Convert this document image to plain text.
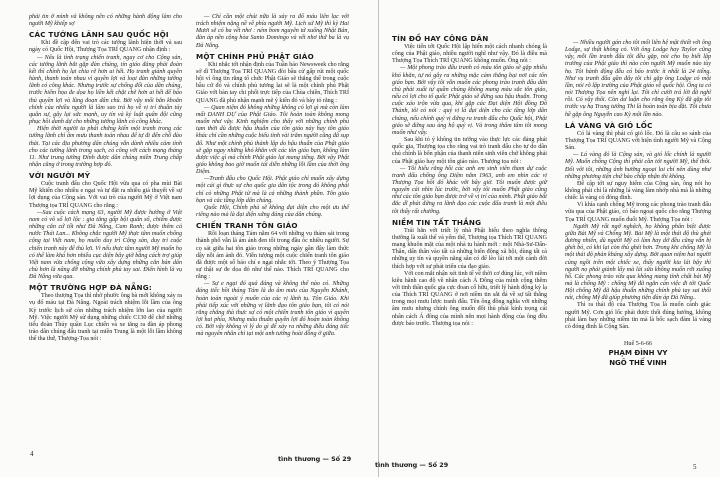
phải tin ở mình và không nên có những hành động làm cho người Mỹ khiếp sợ

CÁC TƯỚNG LÃNH SAU QUỐC HỘI

Khi đề cập đến vai trò các tướng lãnh hiện thời và sau ngày có Quốc Hội, Thượng Tọa TRÍ QUANG nhận định :

— Nếu là tình trạng chiến tranh, nguy cơ cho Cộng sản, các tướng lãnh bắt gặp đàn chúng, tín giáo đảng phải đoàn kết thì chính họ lại chia rẽ hơn ai hết. Họ tranh giành quyền hành, thanh toán nhau vì quyền lợi và loại đàn những tướng lãnh có công khác. Nhưng trước sự chống đối của dân chúng, trước hiểm họa đe dọa họ liền kết chặt chẽ hơn ai hết để bảo thủ quyền lợi và lũng đoạn dân chủ. Bởi vậy mối băn khoăn chính của nhiều người là làm sao trả họ về vị trí thuần túy quân sự, gây lại sức mạnh, uy tín và kỷ luật quân đội cũng phục hồi danh dự cho những tướng lãnh có công khác.

Hiện thời người ta phải chứng kiến một tranh trong các tướng lãnh chỉ âm mưu thanh toán nhau để tự đi đến chỗ đào thải. Tại các địa phương dân chúng vẫn dành nhiều cảm tình cho các tướng lãnh trong sạch, có công với cách mạng tháng 11. Như trung tướng Đính được dân chúng miền Trung chấp nhận cũng ở trong trường hợp đó.

VỚI NGƯỜI MỸ

Cuộc tranh đấu cho Quốc Hội vừa qua có pha mùi Bài Mỹ khiến cho nhiều e ngại và tự đặt ra nhiều giả thuyết về sự lợi dụng của Cộng sản. Với vai trò của người Mỹ ở Việt nam Thượng tọa TRÍ QUANG cho rằng :

—Sau cuộc cách mạng 63, người Mỹ được hưởng ở Việt nam có vô số lợi lộc : gia tăng gấp bội quân số, chiếm được những căn cứ tốt như Đà Nẵng, Cam Ranh; được thêm cả nước Thái Lan... Không chắc người Mỹ thực tâm muốn chống cộng tại Việt nam, họ muốn duy trì Cộng sản, duy trì cuộc chiến tranh này để thủ lợi. Vì nếu thực tâm người Mỹ muốn họ có thể làm khá hơn nhiều cục diện bây giờ bằng cách trợ giúp Việt nam vừa chống cộng vừa xây dựng những căn bản dân chủ hơn là nâng đỡ những chính phủ tay sai. Điển hình là vụ Đà Nẵng vừa qua.

MỘT TRƯỜNG HỢP ĐÀ NẴNG:

Theo thượng Tọa thì nhờ phước ông bà mới không xảy ra vụ đổ máu tại Đà Nẵng. Ngoài trách nhiệm lỗi lầm của ông Kỳ trước lịch sử còn những trách nhiệm lớn lao của người Mỹ. Việc người Mỹ sử dụng những chiếc C130 để chở những tiểu đoàn Thủy quân Lục chiến và xe tăng ra đàn áp phong trào dân chúng đấu tranh tại miền Trung là một lỗi lầm không thể tha thứ, Thượng-Tọa nói :

— Chỉ cần một chút nữa là xảy ra đổ máu liên lạc với trách nhiệm nặng nề về phía người Mỹ. Lịch sử Mỹ thì kỳ Hai Mươi sẽ có ba vết nhơ : ném bom nguyên tử xuống Nhật Bản, đàn áp nền cộng hòa Santo Domingo và vết nhơ thứ ba là vụ Đà Nẵng.

MỘT CHÍNH PHỦ PHẬT GIÁO

Khi nhắc tới nhận định của Tuần báo Newsweek cho rằng sở dĩ Thượng Tọa TRÍ QUANG đòi bầu cử gấp rút một quốc hội vì ông tin rằng tổ chức Phật Giáo sẽ thắng thế trong cuộc bầu cử đó và chính phủ tương lai sẽ là một chính phủ Phật Giáo với bàn tay chi phối trực tiếp của Chùa chiền, Thích TRÍ QUANG đã phủ nhận mạnh mẽ ý kiến đó và bày tỏ rằng :

— Quan niệm đó không những không có lợi gì mà còn làm mất DANH DỰ của Phật Giáo. Tôi hoàn toàn không mong muốn như vậy. Kinh nghiệm cho thấy với những chính phủ tạm thời dù được hậu thuẫn của tôn giáo này hay tôn giáo khác chỉ cần những cuộc biểu tình vài trăm người cũng đã sụp đổ. Như một chính phủ thành lập do hậu thuẫn của Phật giáo sẽ gặp ngay những khó khăn với các tôn giáo bạn, không làm được việc gì mà chính Phật giáo lại mang tiếng. Bởi vậy Phật giáo không bao giờ muốn tái diễn những lỗi lầm của thời ông Diệm.

—Tranh đấu cho Quốc Hội. Phật giáo chỉ muốn xây dựng một cái gì thực sự cho quốc gia dân tộc trong đó không phải chỉ có những Phật tử mà là cả những thành phần. Tôn giáo bạn và các tầng lớp dân chúng.

Quốc Hội, Chính phủ sẽ không đại diện cho một ưu thế riêng nào mà là đại diện xứng đáng của dân chúng.

CHIẾN TRANH TÔN GIÁO

Rồi loạn tháng Tám năm 64 với những vụ thảm sát trong thành phố vẫn là ám ảnh đen tối trong đầu óc nhiều người. Sự cọ sát giữa hai tôn giáo trong những ngày gần đây làm thức dậy nỗi ám ảnh đó. Viễn tượng một cuộc chiến tranh tôn giáo đã được một số báo chí e ngại nhắc tới. Theo ý Thượng Tọa sự thật sự đe dọa đó như thế nào. Thích TRÍ QUANG cho rằng :

— Sự e ngại đó quá đáng và không thể nào có. Những đáng tiếc hồi tháng Tám là do âm mưu của Nguyễn Khánh, hoàn toàn ngoài ý muốn của các vị lãnh tụ. Tôn Giáo. Khi phải tiếp xúc với những vị lãnh đạo tôn giáo bạn, tôi có nói rằng chẳng thà thực sự có một chiến tranh tôn giáo vì quyền lợi hai phía, Nhưng mâu thuẫn quyền lợi đó hoàn toàn không có. Bởi vậy không vì lý do gì để xảy ra những điều đáng tiếc mà nguyên nhân chỉ tại một anh tướng hoài đồng ở giữa.

4
tình thương — Số 29

TÍN ĐỒ HAY CÔNG DÂN

Việc tiến tới Quốc Hội lập hiến một cách nhanh chóng là công của Phật giáo, nhiều người nghĩ như vậy. Đó là điều mà Thượng Tọa Thích TRÍ QUANG không muốn. Ông nói :

— Một phong trào đấu tranh có màu tôn giáo sẽ gặp nhiều khó khăn, tự nó gây ra những mặc cảm thắng bại nơi các tôn giáo bạn. Bởi vậy tôi vẫn muốn các phong trào tranh đấu dân chủ phát xuất tự quần chúng không mang màu sắc tôn giáo, nếu có lợi cho tổ quốc Phật giáo sẽ đứng sau hậu thuẫn. Trong cuộc xáo trộn vừa qua, khi gặp các Đại diện Hội đồng Đô Thành, tôi có nói : quý vị là đại diện cho các tầng lớp dân chúng, nếu chính quý vị đứng ra tranh đấu cho Quốc hội, Phật giáo sẽ đứng sau ủng hộ quý vị. Và trong thâm tâm tôi mong muốn như vậy.

Sau khi tỏ ý không tin tưởng vào thực lực các đảng phái quốc gia, Thượng tọa cho rằng vai trò tranh đấu cho tự do dân chủ chính là bổn phận của thanh niên sinh viên chứ không phải của Phật giáo hay một tôn giáo nào. Thượng tọa nói :

— Tôi hiểu rằng hồi các anh em sinh viên tham dự cuộc tranh đấu chống ông Diệm năm 1963, anh em nhìn các vị Thượng Tọa hồi đó khác với bây giờ. Tôi muốn được giữ nguyên cái nhìn lúc trước, bởi vậy tôi muốn Phật giáo cũng như các tôn giáo bạn được trở về vị trí của mình. Phật giáo bất đắc dĩ phải đứng ra lãnh đạo các cuộc đấu tranh là một điều tôi thấy rất chướng.

NIỀM TIN TẤT THẮNG

Trái hẳn với triết lý nhà Phật hiểu theo nghĩa thông thường là xuất thế và yếm thế, Thượng tọa Thích TRÍ QUANG mang khuôn mặt của một nhà tu hành mới : một Nhà-Sư-Dấn-Thân, dấn thân vào tất cả những biến động xã hội, dùng tất cả những uy tín và quyền năng sẵn có để lèo lái tới một cảnh đời thích hợp với sự phát triển của đạo giáo.

Với con mắt nhận xét tinh tế về thời cơ đúng lúc, với niềm kiêu hãnh cao độ về nhân cách Á Đông của mình cộng thêm với tinh thần quốc gia cực đoan cố hữu, triết lý hành động kỳ lạ của Thích TRÍ QUANG ở nơi niềm tin sắt đá về sự tất thắng trong mọi mưu lược tranh đấu. Tên ông đồng nghĩa với những âm mưu nhưng chính ông muốn đối thủ phải kính trọng cái nhân cách Á đông của mình nên mọi hành động của ông đều được báo trước. Thượng tọa nói :

tình thương — Số 29

— Nhiều người gán cho tôi mối liên hệ mật thiết với ông Lodge, sự thật không có. Với ông Lodge hay Taylor cũng vậy, mỗi lần tranh đấu tôi đều gặp, nói cho họ biết lập trường của Phật giáo thì nào còn người Mỹ muốn nào tùy họ. Tôi hành động đều có báo trước ít nhất là 24 tiếng. Như vụ tranh đấu gần đây tôi chỉ gặp ông Lodge có một lần, nói rõ lập trường của Phật giáo về quốc hội. Ông ta có nói Thượng Tọa nên nghỉ lại. Tôi chỉ cười trả lời đã nghĩ rồi. Có vậy thôi. Còn dư luận cho rằng ông Kỳ đã gặp tôi trước vụ hạ Trung tướng Thi là hoàn toàn bịa đặt. Tôi chưa hề gặp ông Nguyễn cao Kỳ một lần nào.

LÁ VÀNG VÀ GIÓ LỐC

Có lá vàng thì phải có gió lốc. Đó là câu so sánh của Thượng Tọa TRÍ QUANG với hiện tình người Mỹ và Cộng Sản.

— Lá vàng đó là Cộng sản, và gió lốc chính là người Mỹ. Muốn chống Cộng thì phải cần tới người Mỹ, thế thôi. Đối với tôi, những ảnh hưởng ngoại lai chỉ nên dùng như những phương tiện chứ bảo chấp nhận thì không.

Để cập tới sự nguy hiểm của Cộng sản, ông nói họ không phải chỉ là những lá vàng làm nhớp nhà mà là những chiếc lá vàng có đóng đinh.

Vì khía cạnh chống Mỹ trong các phong trào tranh đấu vừa qua của Phật giáo, có báo ngoại quốc cho rằng Thượng Tọa TRÍ QUANG muốn đuổi Mỹ. Thượng Tọa nói :

Người Mỹ rất ngớ nghệch, họ không phân biệt được giữa Bài Mỹ và Chống Mỹ. Bài Mỹ là một thái độ thù ghét đương nhiên, dù người Mỹ có làm hay dở đều cũng vẫn bị ghét bỏ, có khi lại còn thù ghét hơn. Trong khi chống Mỹ là một thái độ phản kháng xây dựng. Bởi quan niệm hai người cùng ngồi trên một chiếc xe, thấy người kia lái bậy thì người nọ phải giành lấy mà lái sửa không muốn rớt xuống hố. Các phong trào vừa qua không mang tính chất bài Mỹ mà là chống Mỹ : chống Mỹ đã ngăn cản việc đi tới Quốc Hội chống Mỹ đã hậu thuẫn những chính phủ tay sai thối nát, chống Mỹ đã giúp phương tiện đàn áp Đà Nẵng..

Thì ra thái độ của Thượng Tọa là muốn cảnh giác người Mỹ. Cơn gió lốc phải được thổi đúng hướng, không phải làm bay những niềm tin mà là bốc sạch đám lá vàng có đóng đinh là Cộng Sản.

Huế 5-6-66

PHẠM ĐÌNH VY

NGÔ THẾ VINH

5
